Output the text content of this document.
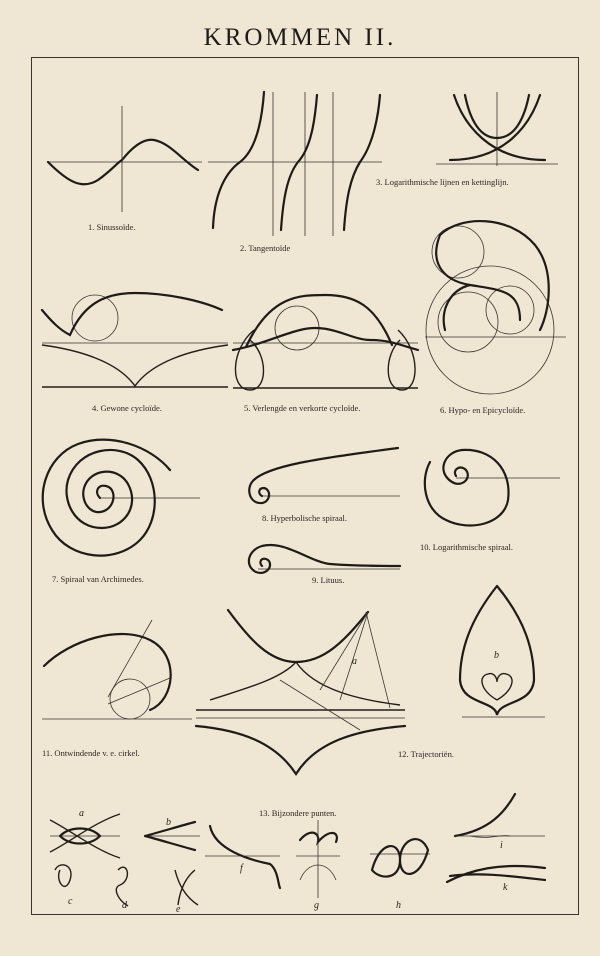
KROMMEN II.
1. Sinussoïde.
2. Tangentoïde
3. Logarithmische lijnen en kettinglijn.
4. Gewone cycloïde.	5. Verlengde en verkorte cycloïde.	6. Hypo- en Epicycloïde.
7. Spiraal van Archimedes.
8. Hyperbolische spiraal.
9. Lituus.
10. Logarithmische spiraal.
11. Ontwindende v. e. cirkel.	12. Trajectoriën.
13. Bijzondere punten.
a
b
a
b
c	d	e
f
g	h
i
k
